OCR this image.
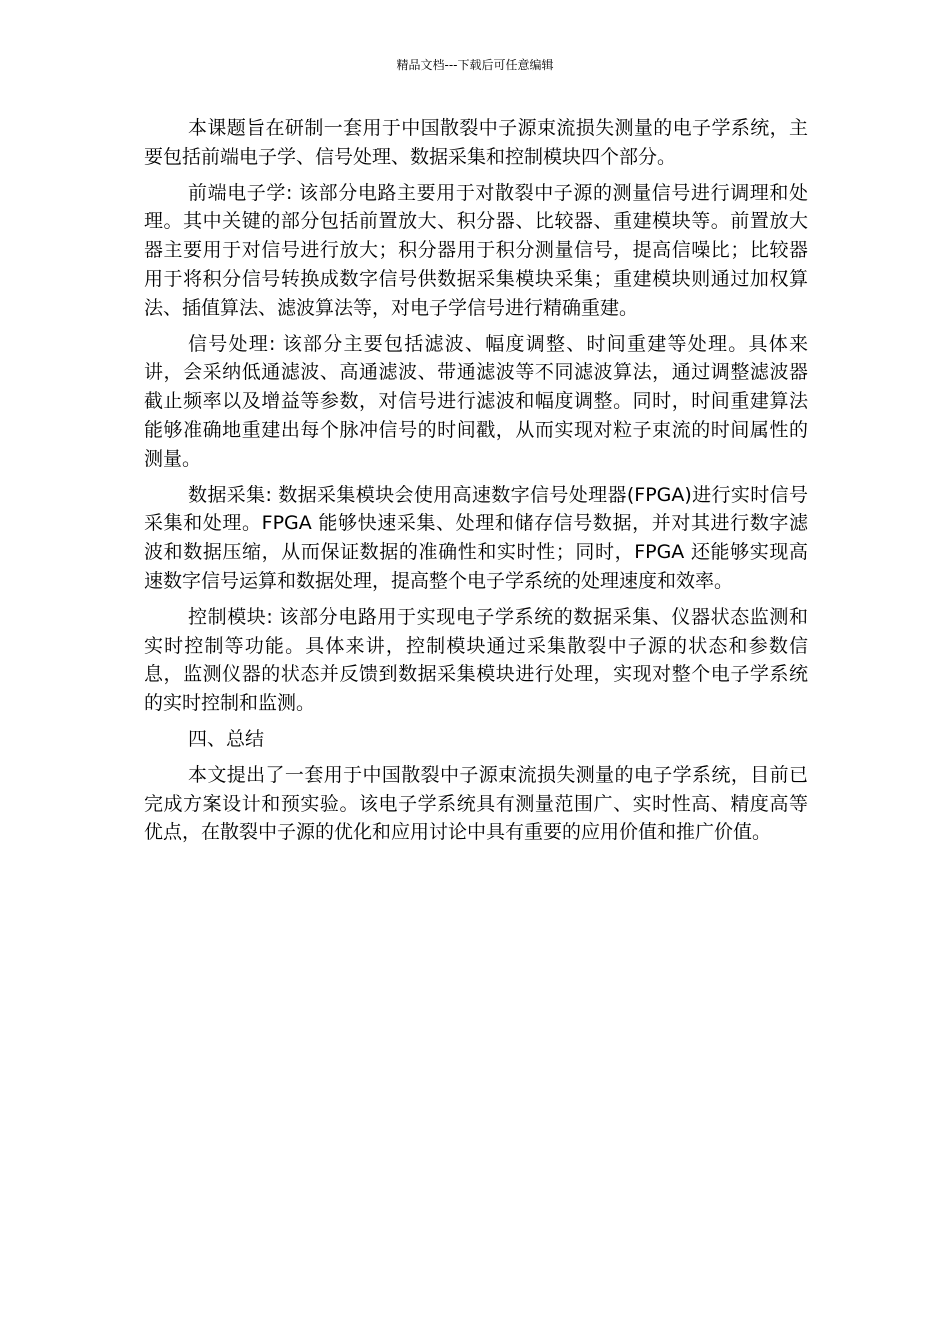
精品文档---下载后可任意编辑

本课题旨在研制一套用于中国散裂中子源束流损失测量的电子学系统，主要包括前端电子学、信号处理、数据采集和控制模块四个部分。

前端电子学: 该部分电路主要用于对散裂中子源的测量信号进行调理和处理。其中关键的部分包括前置放大、积分器、比较器、重建模块等。前置放大器主要用于对信号进行放大；积分器用于积分测量信号，提高信噪比；比较器用于将积分信号转换成数字信号供数据采集模块采集；重建模块则通过加权算法、插值算法、滤波算法等，对电子学信号进行精确重建。

信号处理: 该部分主要包括滤波、幅度调整、时间重建等处理。具体来讲，会采纳低通滤波、高通滤波、带通滤波等不同滤波算法，通过调整滤波器截止频率以及增益等参数，对信号进行滤波和幅度调整。同时，时间重建算法能够准确地重建出每个脉冲信号的时间戳，从而实现对粒子束流的时间属性的测量。

数据采集: 数据采集模块会使用高速数字信号处理器(FPGA)进行实时信号采集和处理。FPGA 能够快速采集、处理和储存信号数据，并对其进行数字滤波和数据压缩，从而保证数据的准确性和实时性；同时，FPGA 还能够实现高速数字信号运算和数据处理，提高整个电子学系统的处理速度和效率。

控制模块: 该部分电路用于实现电子学系统的数据采集、仪器状态监测和实时控制等功能。具体来讲，控制模块通过采集散裂中子源的状态和参数信息，监测仪器的状态并反馈到数据采集模块进行处理，实现对整个电子学系统的实时控制和监测。

四、总结

本文提出了一套用于中国散裂中子源束流损失测量的电子学系统，目前已完成方案设计和预实验。该电子学系统具有测量范围广、实时性高、精度高等优点，在散裂中子源的优化和应用讨论中具有重要的应用价值和推广价值。
